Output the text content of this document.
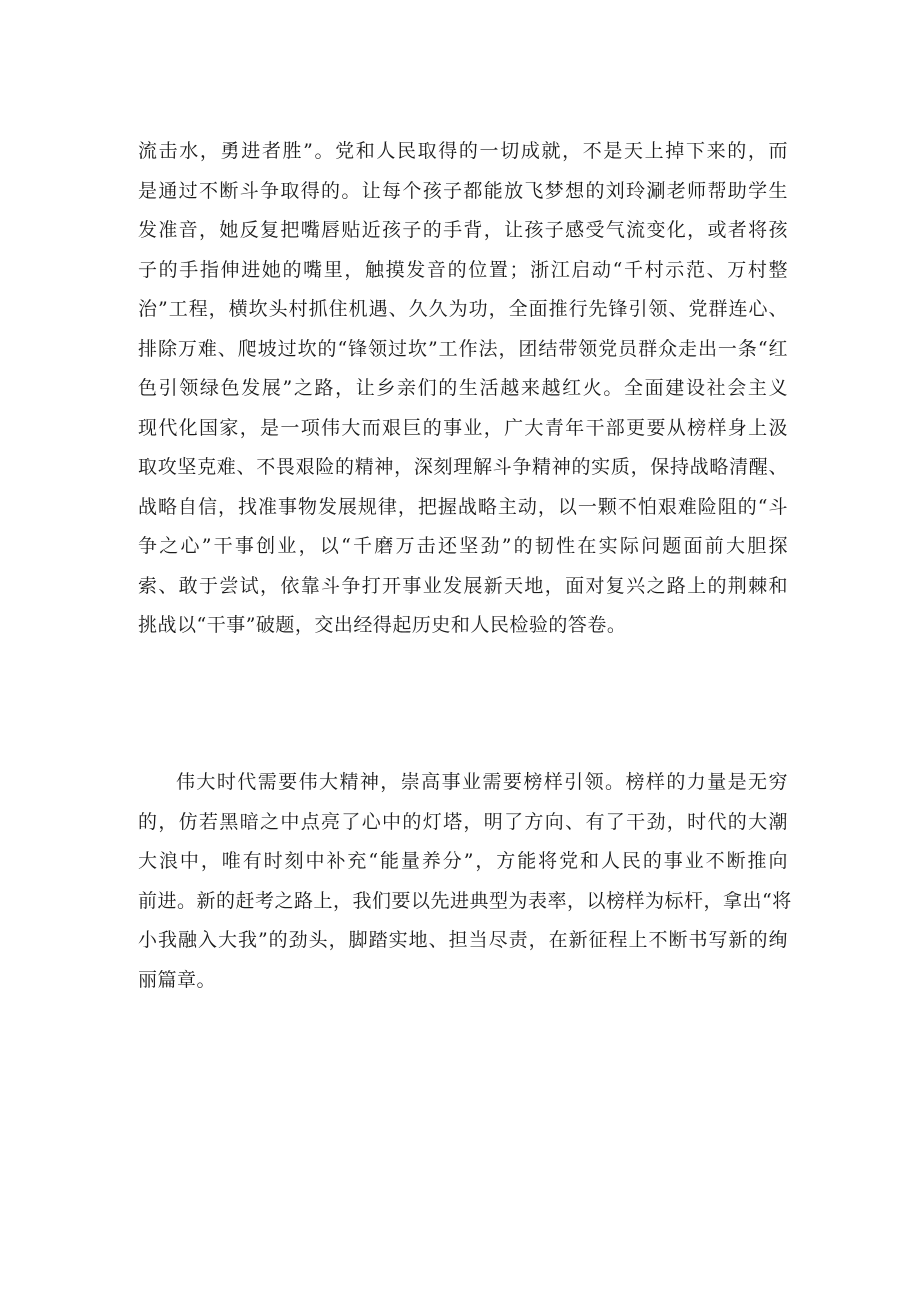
流击水，勇进者胜”。党和人民取得的一切成就，不是天上掉下来的，而
是通过不断斗争取得的。让每个孩子都能放飞梦想的刘玲涮老师帮助学生
发准音，她反复把嘴唇贴近孩子的手背，让孩子感受气流变化，或者将孩
子的手指伸进她的嘴里，触摸发音的位置；浙江启动“千村示范、万村整
治”工程，横坎头村抓住机遇、久久为功，全面推行先锋引领、党群连心、
排除万难、爬坡过坎的“锋领过坎”工作法，团结带领党员群众走出一条“红
色引领绿色发展”之路，让乡亲们的生活越来越红火。全面建设社会主义
现代化国家，是一项伟大而艰巨的事业，广大青年干部更要从榜样身上汲
取攻坚克难、不畏艰险的精神，深刻理解斗争精神的实质，保持战略清醒、
战略自信，找准事物发展规律，把握战略主动，以一颗不怕艰难险阻的“斗
争之心”干事创业，以“千磨万击还坚劲”的韧性在实际问题面前大胆探
索、敢于尝试，依靠斗争打开事业发展新天地，面对复兴之路上的荆棘和
挑战以“干事”破题，交出经得起历史和人民检验的答卷。
伟大时代需要伟大精神，崇高事业需要榜样引领。榜样的力量是无穷
的，仿若黑暗之中点亮了心中的灯塔，明了方向、有了干劲，时代的大潮
大浪中，唯有时刻中补充“能量养分”，方能将党和人民的事业不断推向
前进。新的赶考之路上，我们要以先进典型为表率，以榜样为标杆，拿出“将
小我融入大我”的劲头，脚踏实地、担当尽责，在新征程上不断书写新的绚
丽篇章。
